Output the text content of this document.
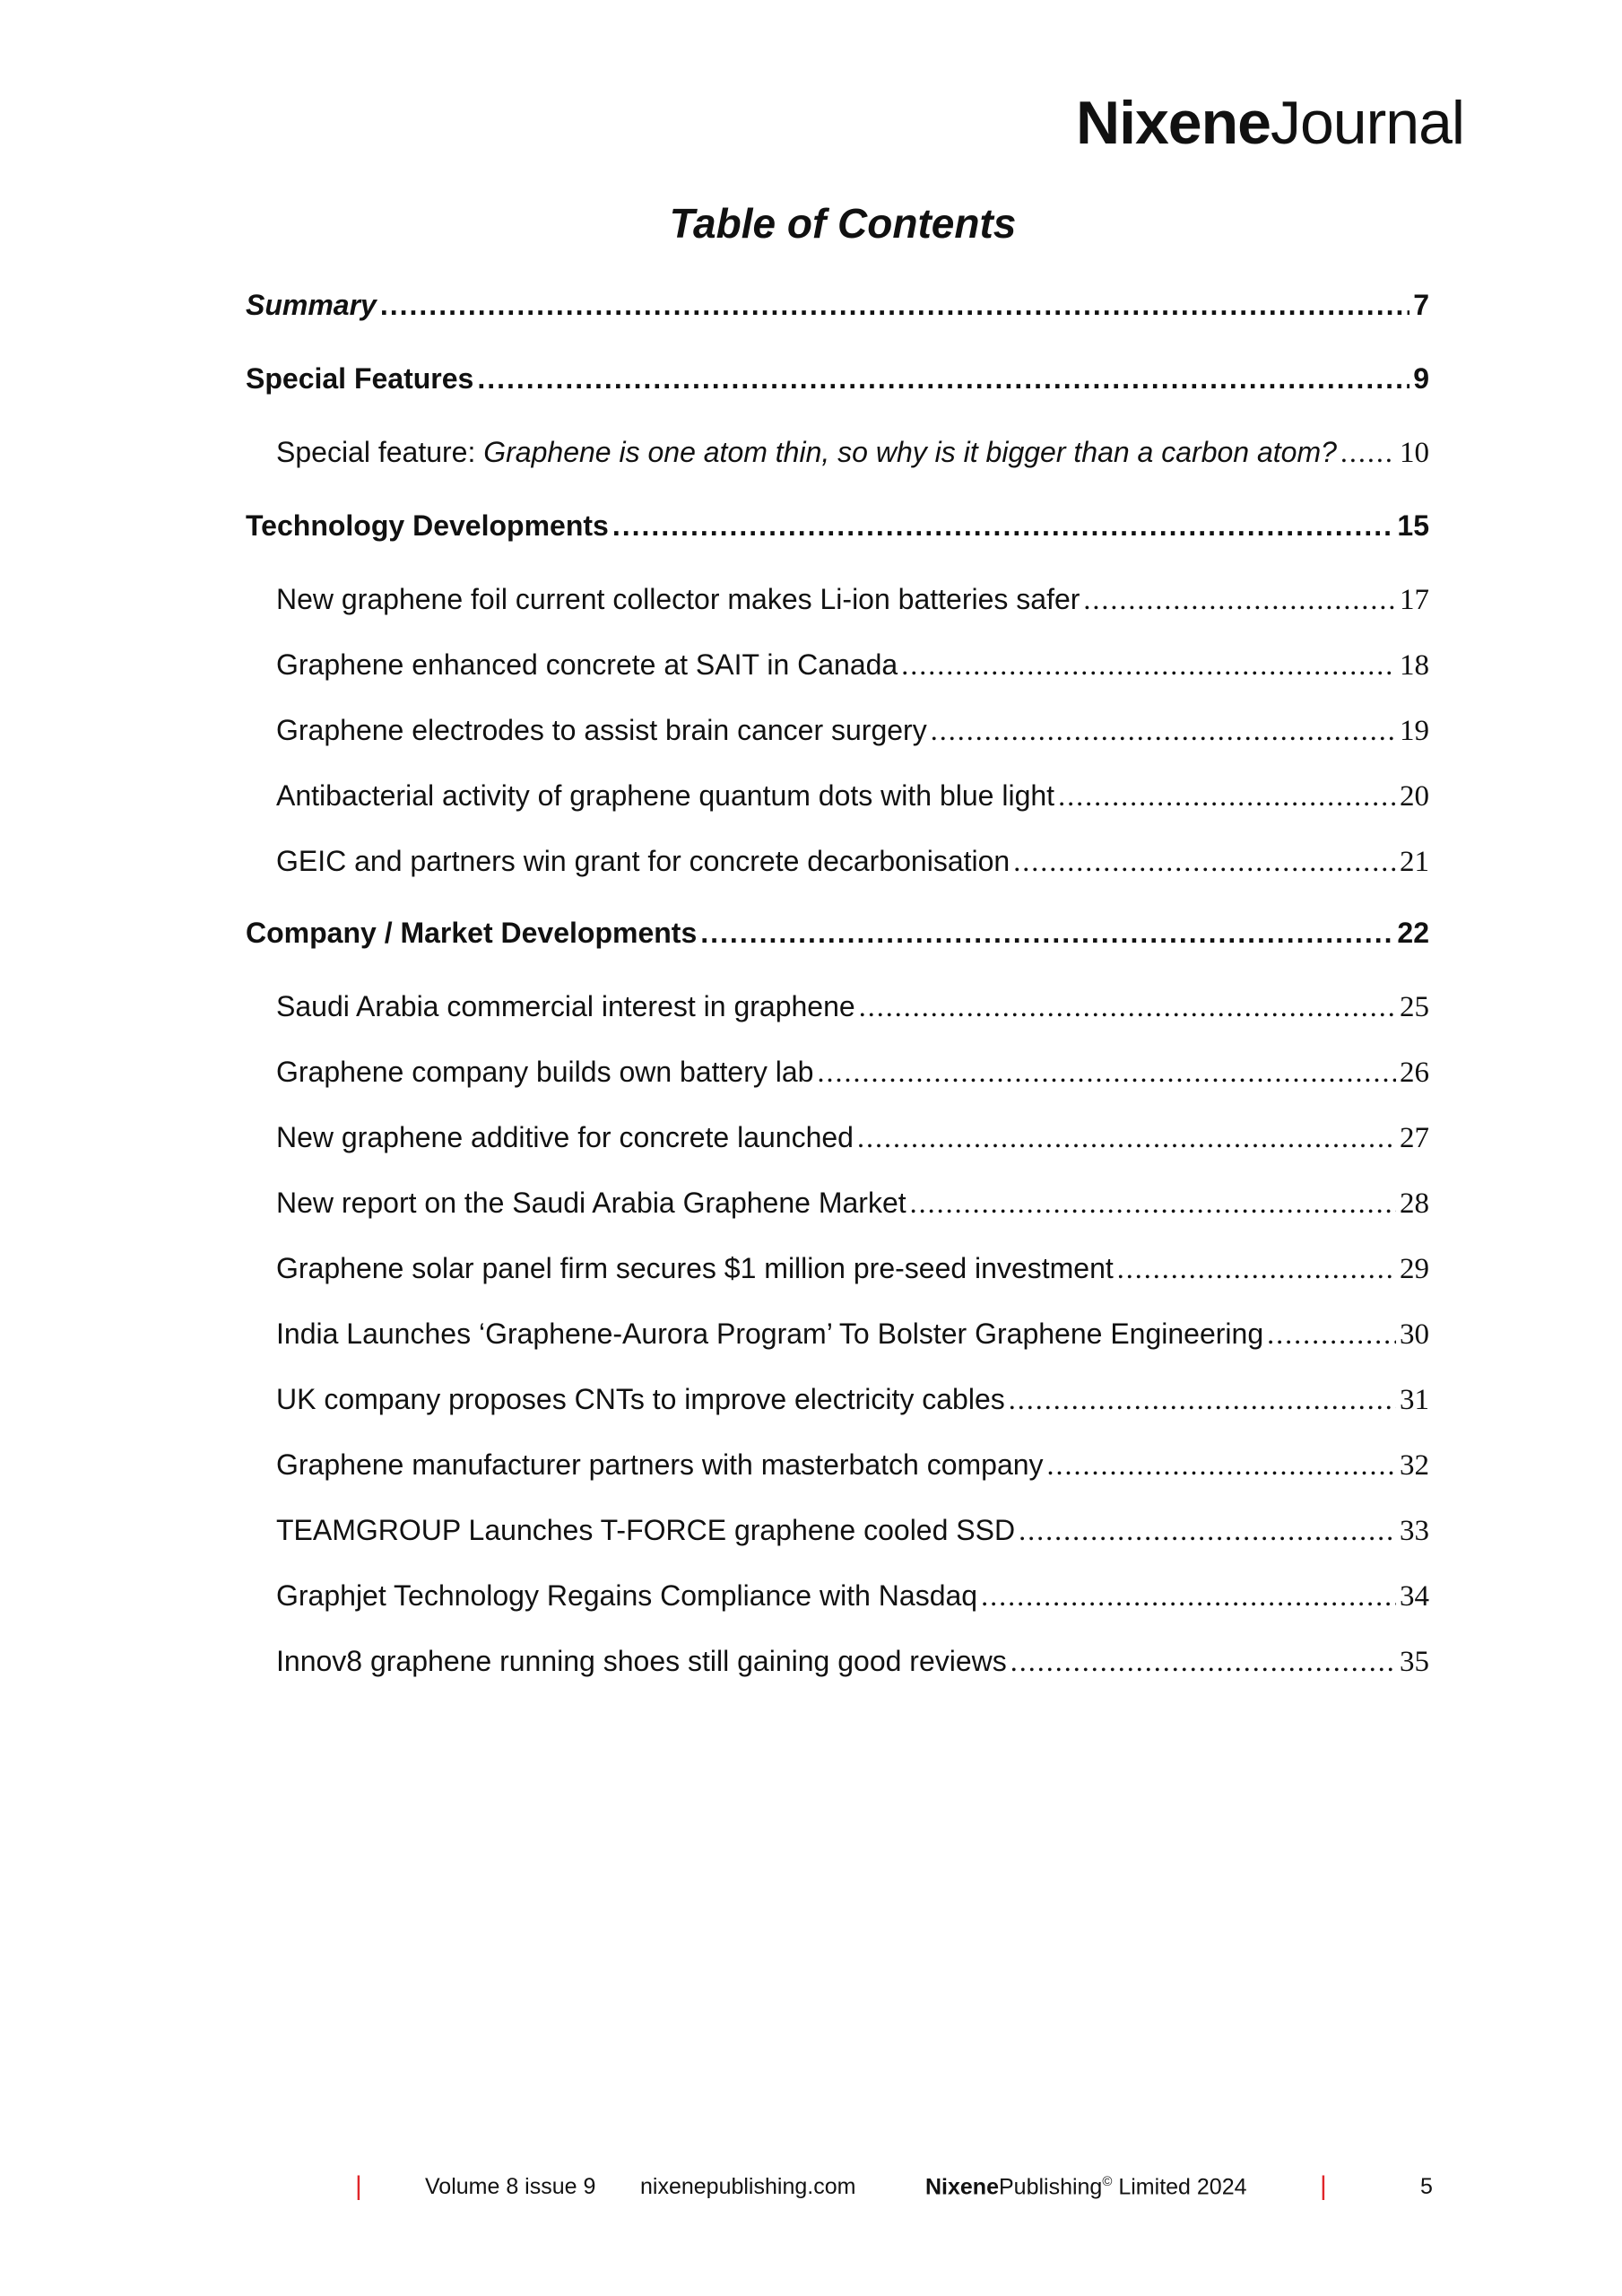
NixeneJournal
Table of Contents
Summary .....	7
Special Features .....	9
Special feature: Graphene is one atom thin, so why is it bigger than a carbon atom? ..... 10
Technology Developments .....	15
New graphene foil current collector makes Li-ion batteries safer .....	17
Graphene enhanced concrete at SAIT in Canada .....	18
Graphene electrodes to assist brain cancer surgery .....	19
Antibacterial activity of graphene quantum dots with blue light .....	20
GEIC and partners win grant for concrete decarbonisation .....	21
Company / Market Developments .....	22
Saudi Arabia commercial interest in graphene .....	25
Graphene company builds own battery lab .....	26
New graphene additive for concrete launched .....	27
New report on the Saudi Arabia Graphene Market .....	28
Graphene solar panel firm secures $1 million pre-seed investment .....	29
India Launches ‘Graphene-Aurora Program’ To Bolster Graphene Engineering .....	30
UK company proposes CNTs to improve electricity cables .....	31
Graphene manufacturer partners with masterbatch company .....	32
TEAMGROUP Launches T-FORCE graphene cooled SSD .....	33
Graphjet Technology Regains Compliance with Nasdaq .....	34
Innov8 graphene running shoes still gaining good reviews .....	35
|	Volume 8 issue 9 nixenepublishing.com	NixenePublishing© Limited 2024	|	5
